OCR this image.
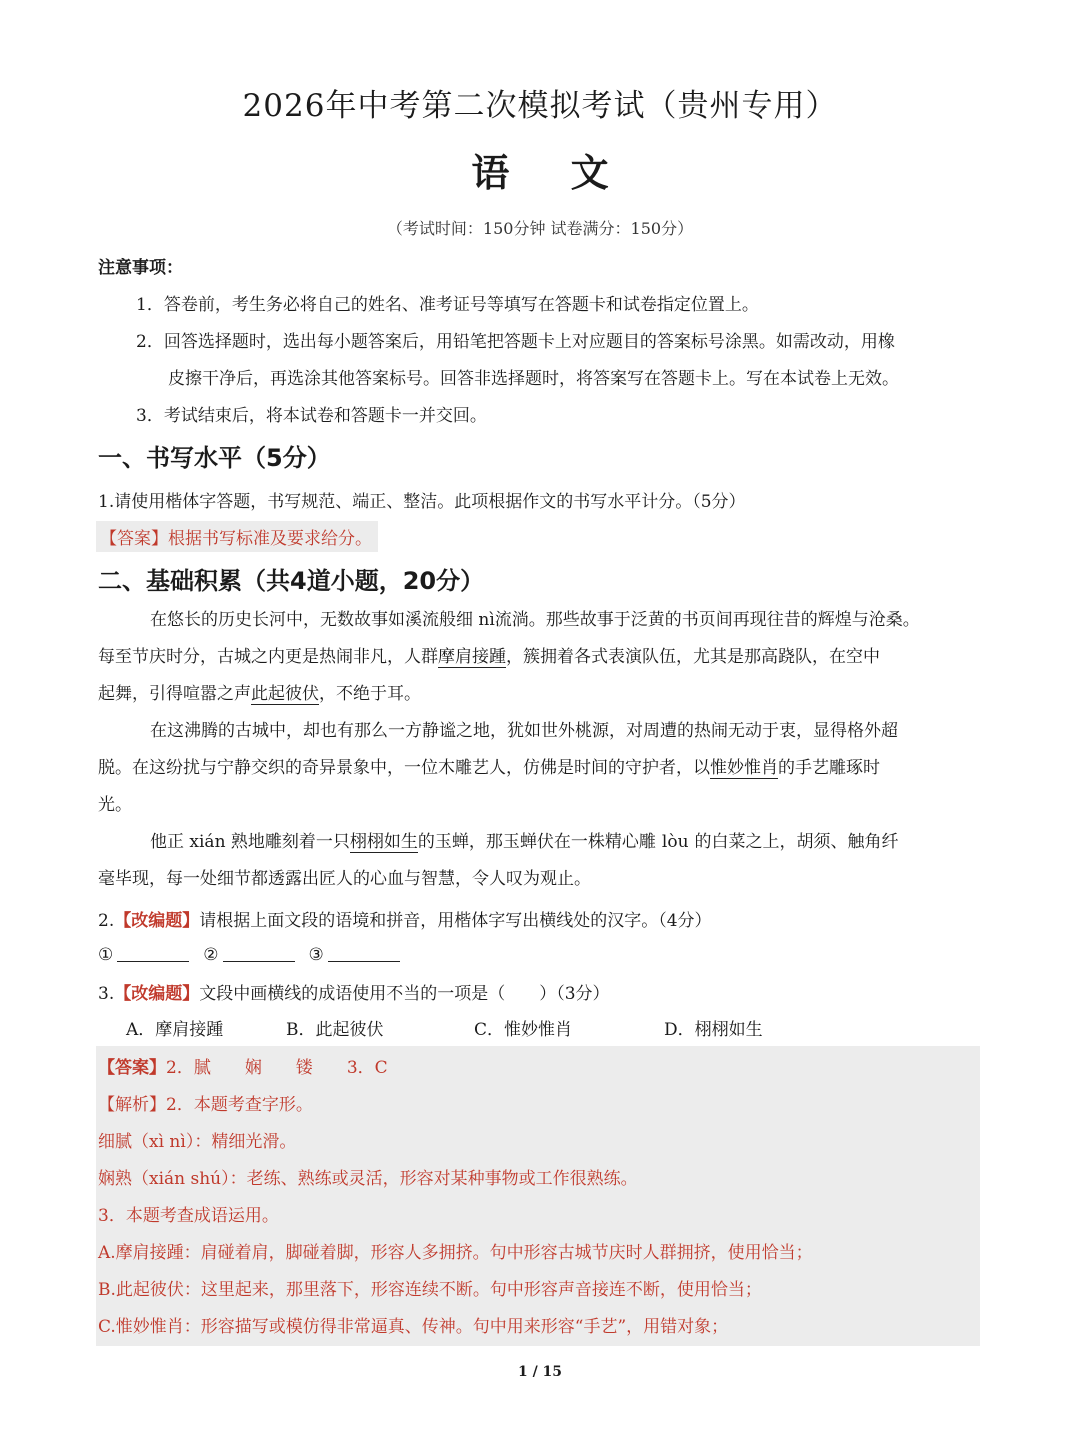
2026年中考第二次模拟考试（贵州专用）
语 文
（考试时间：150分钟 试卷满分：150分）
注意事项：
1．答卷前，考生务必将自己的姓名、准考证号等填写在答题卡和试卷指定位置上。
2．回答选择题时，选出每小题答案后，用铅笔把答题卡上对应题目的答案标号涂黑。如需改动，用橡
皮擦干净后，再选涂其他答案标号。回答非选择题时，将答案写在答题卡上。写在本试卷上无效。
3．考试结束后，将本试卷和答题卡一并交回。
一、书写水平（5分）
1.请使用楷体字答题，书写规范、端正、整洁。此项根据作文的书写水平计分。（5分）
【答案】根据书写标准及要求给分。
二、基础积累（共4道小题，20分）
在悠长的历史长河中，无数故事如溪流般细 nì流淌。那些故事于泛黄的书页间再现往昔的辉煌与沧桑。
每至节庆时分，古城之内更是热闹非凡，人群摩肩接踵，簇拥着各式表演队伍，尤其是那高跷队，在空中
起舞，引得喧嚣之声此起彼伏，不绝于耳。
在这沸腾的古城中，却也有那么一方静谧之地，犹如世外桃源，对周遭的热闹无动于衷，显得格外超
脱。在这纷扰与宁静交织的奇异景象中，一位木雕艺人，仿佛是时间的守护者，以惟妙惟肖的手艺雕琢时
光。
他正 xián 熟地雕刻着一只栩栩如生的玉蝉，那玉蝉伏在一株精心雕 lòu 的白菜之上，胡须、触角纤
毫毕现，每一处细节都透露出匠人的心血与智慧，令人叹为观止。
2.【改编题】请根据上面文段的语境和拼音，用楷体字写出横线处的汉字。（4分）
①	②	③
3.【改编题】文段中画横线的成语使用不当的一项是（　　）（3分）
A．摩肩接踵	B．此起彼伏	C．惟妙惟肖	D．栩栩如生
【答案】2．腻　　娴　　镂　　3．C
【解析】2．本题考查字形。
细腻（xì nì）：精细光滑。
娴熟（xián shú）：老练、熟练或灵活，形容对某种事物或工作很熟练。
3．本题考查成语运用。
A.摩肩接踵：肩碰着肩，脚碰着脚，形容人多拥挤。句中形容古城节庆时人群拥挤，使用恰当；
B.此起彼伏：这里起来，那里落下，形容连续不断。句中形容声音接连不断，使用恰当；
C.惟妙惟肖：形容描写或模仿得非常逼真、传神。句中用来形容“手艺”，用错对象；
1 / 15
